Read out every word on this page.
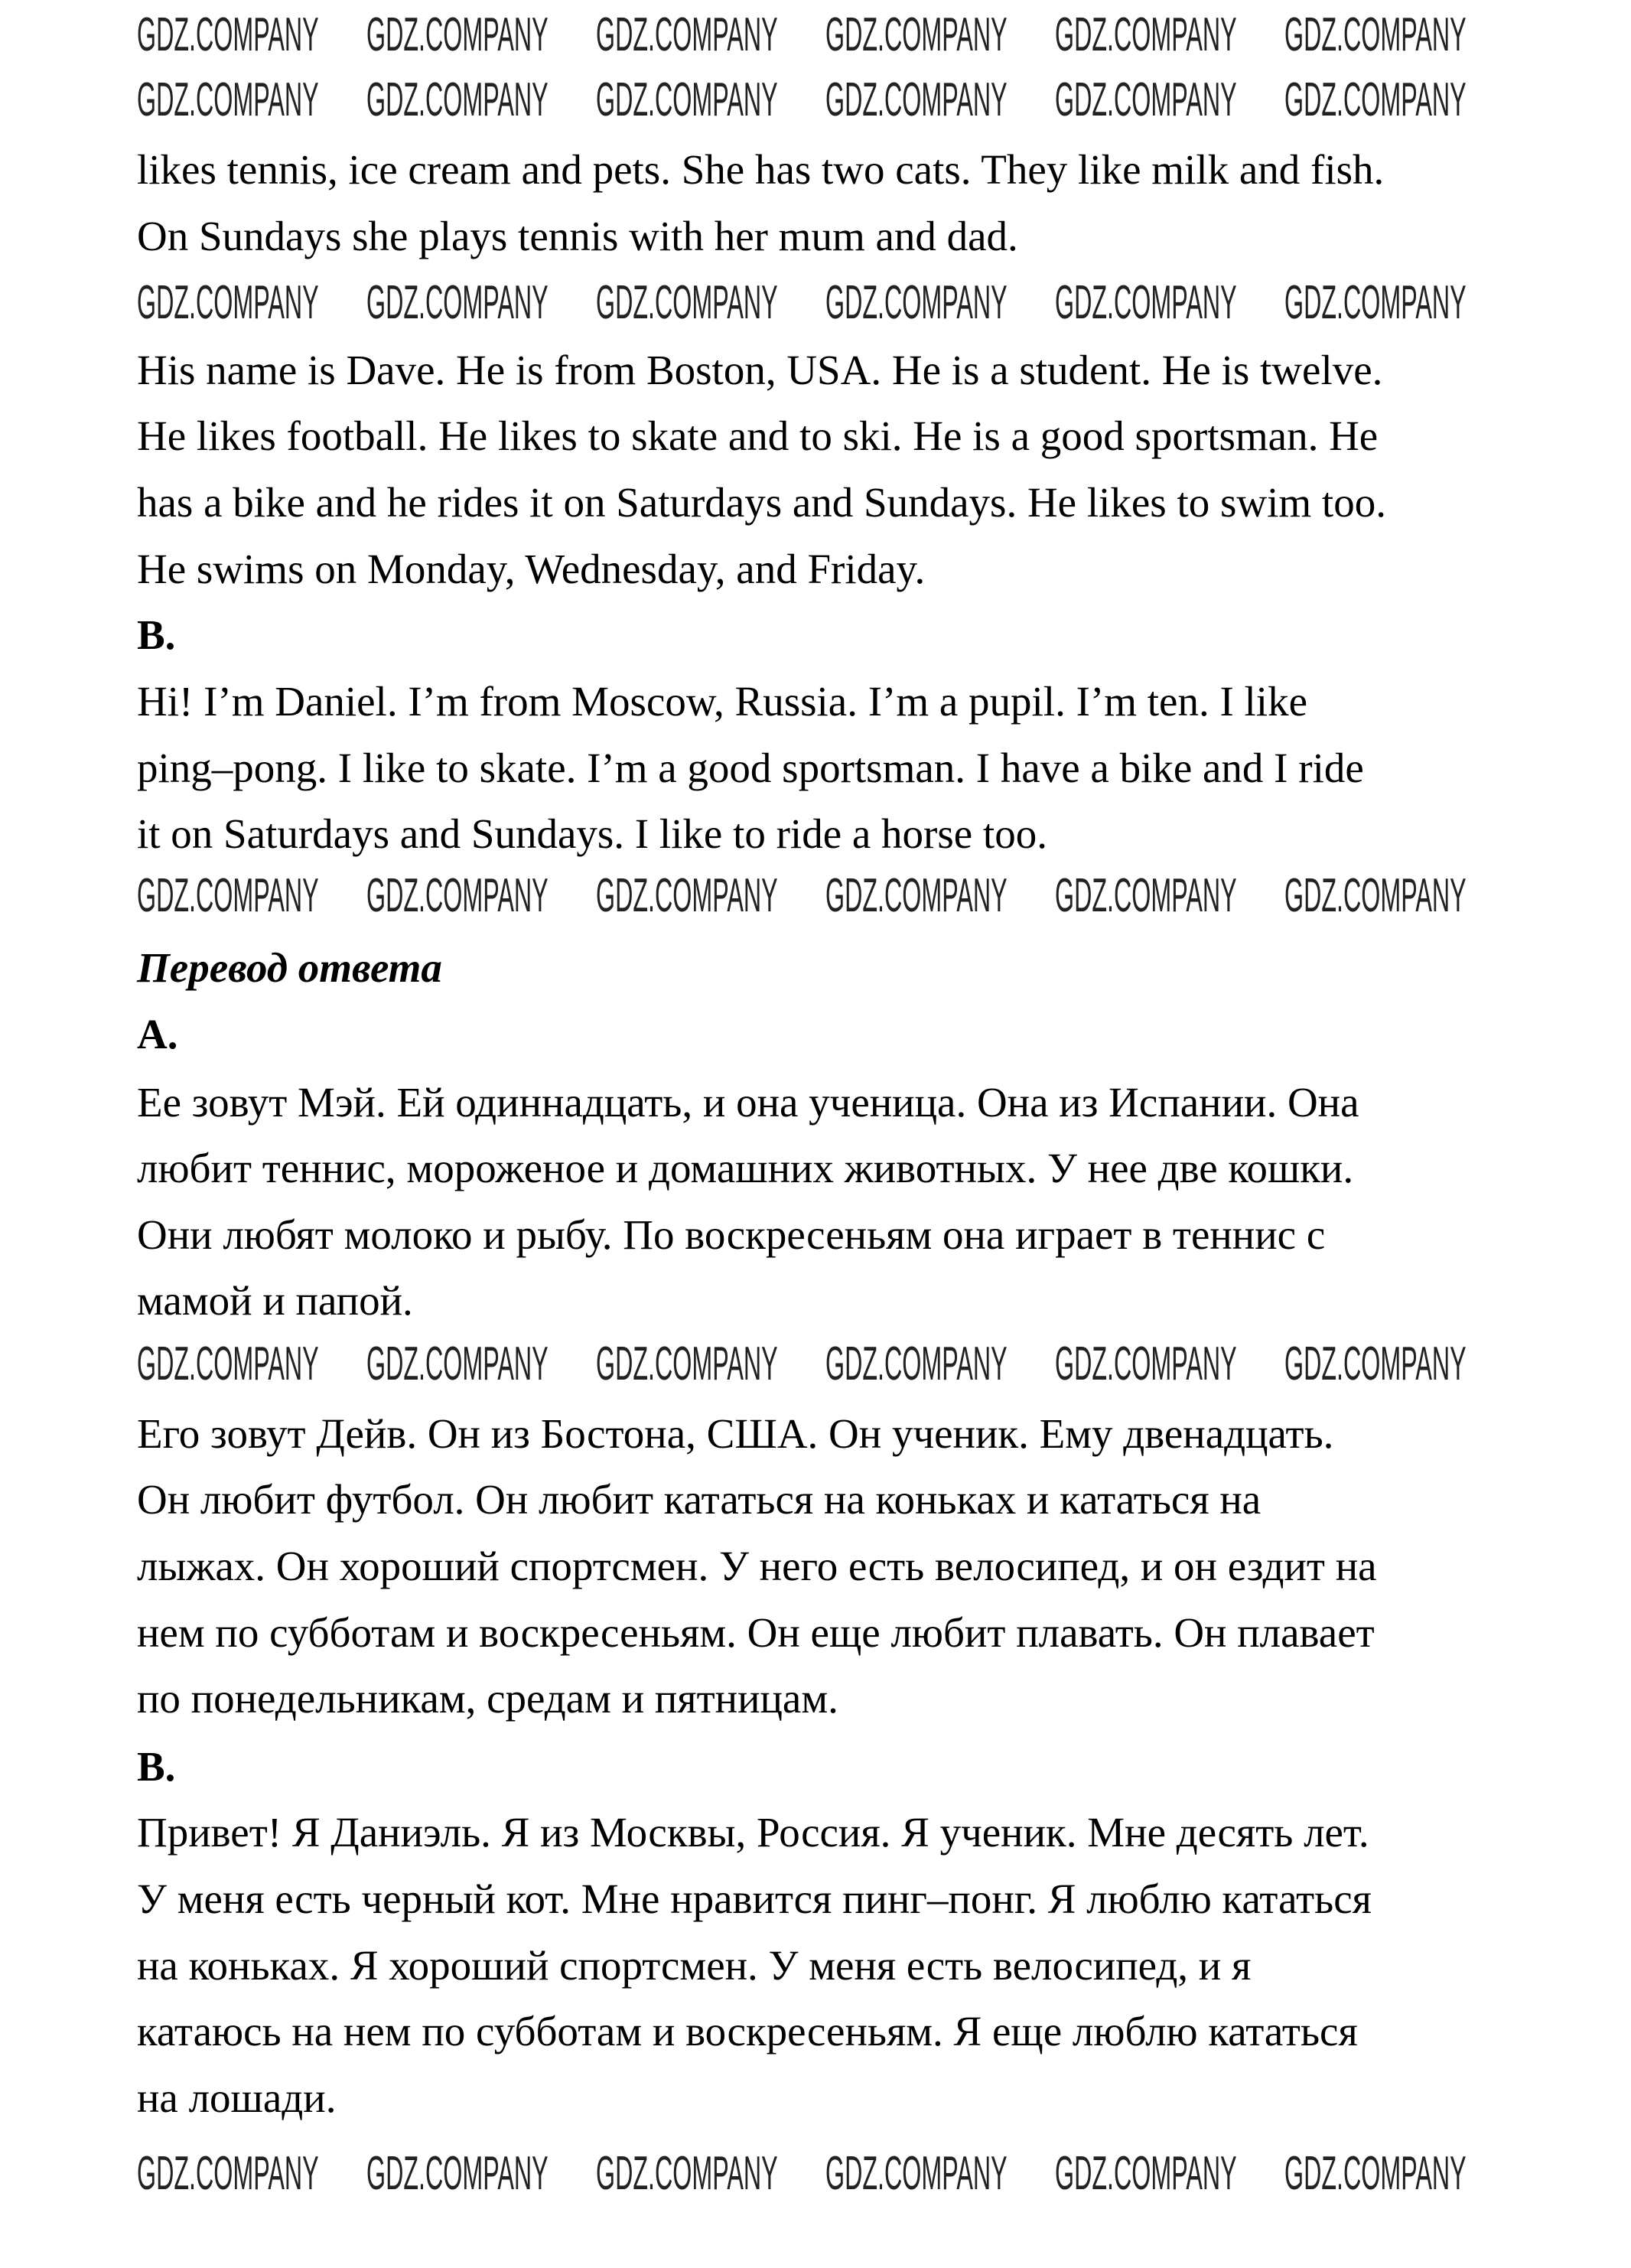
likes tennis, ice cream and pets. She has two cats. They like milk and fish.
On Sundays she plays tennis with her mum and dad.
His name is Dave. He is from Boston, USA. He is a student. He is twelve.
He likes football. He likes to skate and to ski. He is a good sportsman. He
has a bike and he rides it on Saturdays and Sundays. He likes to swim too.
He swims on Monday, Wednesday, and Friday.
B.
Hi! I’m Daniel. I’m from Moscow, Russia. I’m a pupil. I’m ten. I like
ping–pong. I like to skate. I’m a good sportsman. I have a bike and I ride
it on Saturdays and Sundays. I like to ride a horse too.
Перевод ответа
A.
Ее зовут Мэй. Ей одиннадцать, и она ученица. Она из Испании. Она
любит теннис, мороженое и домашних животных. У нее две кошки.
Они любят молоко и рыбу. По воскресеньям она играет в теннис с
мамой и папой.
Его зовут Дейв. Он из Бостона, США. Он ученик. Ему двенадцать.
Он любит футбол. Он любит кататься на коньках и кататься на
лыжах. Он хороший спортсмен. У него есть велосипед, и он ездит на
нем по субботам и воскресеньям. Он еще любит плавать. Он плавает
по понедельникам, средам и пятницам.
B.
Привет! Я Даниэль. Я из Москвы, Россия. Я ученик. Мне десять лет.
У меня есть черный кот. Мне нравится пинг–понг. Я люблю кататься
на коньках. Я хороший спортсмен. У меня есть велосипед, и я
катаюсь на нем по субботам и воскресеньям. Я еще люблю кататься
на лошади.
GDZ.COMPANY GDZ.COMPANY GDZ.COMPANY GDZ.COMPANY GDZ.COMPANY GDZ.COMPANY
GDZ.COMPANY GDZ.COMPANY GDZ.COMPANY GDZ.COMPANY GDZ.COMPANY GDZ.COMPANY
GDZ.COMPANY GDZ.COMPANY GDZ.COMPANY GDZ.COMPANY GDZ.COMPANY GDZ.COMPANY
GDZ.COMPANY GDZ.COMPANY GDZ.COMPANY GDZ.COMPANY GDZ.COMPANY GDZ.COMPANY
GDZ.COMPANY GDZ.COMPANY GDZ.COMPANY GDZ.COMPANY GDZ.COMPANY GDZ.COMPANY
GDZ.COMPANY GDZ.COMPANY GDZ.COMPANY GDZ.COMPANY GDZ.COMPANY GDZ.COMPANY
